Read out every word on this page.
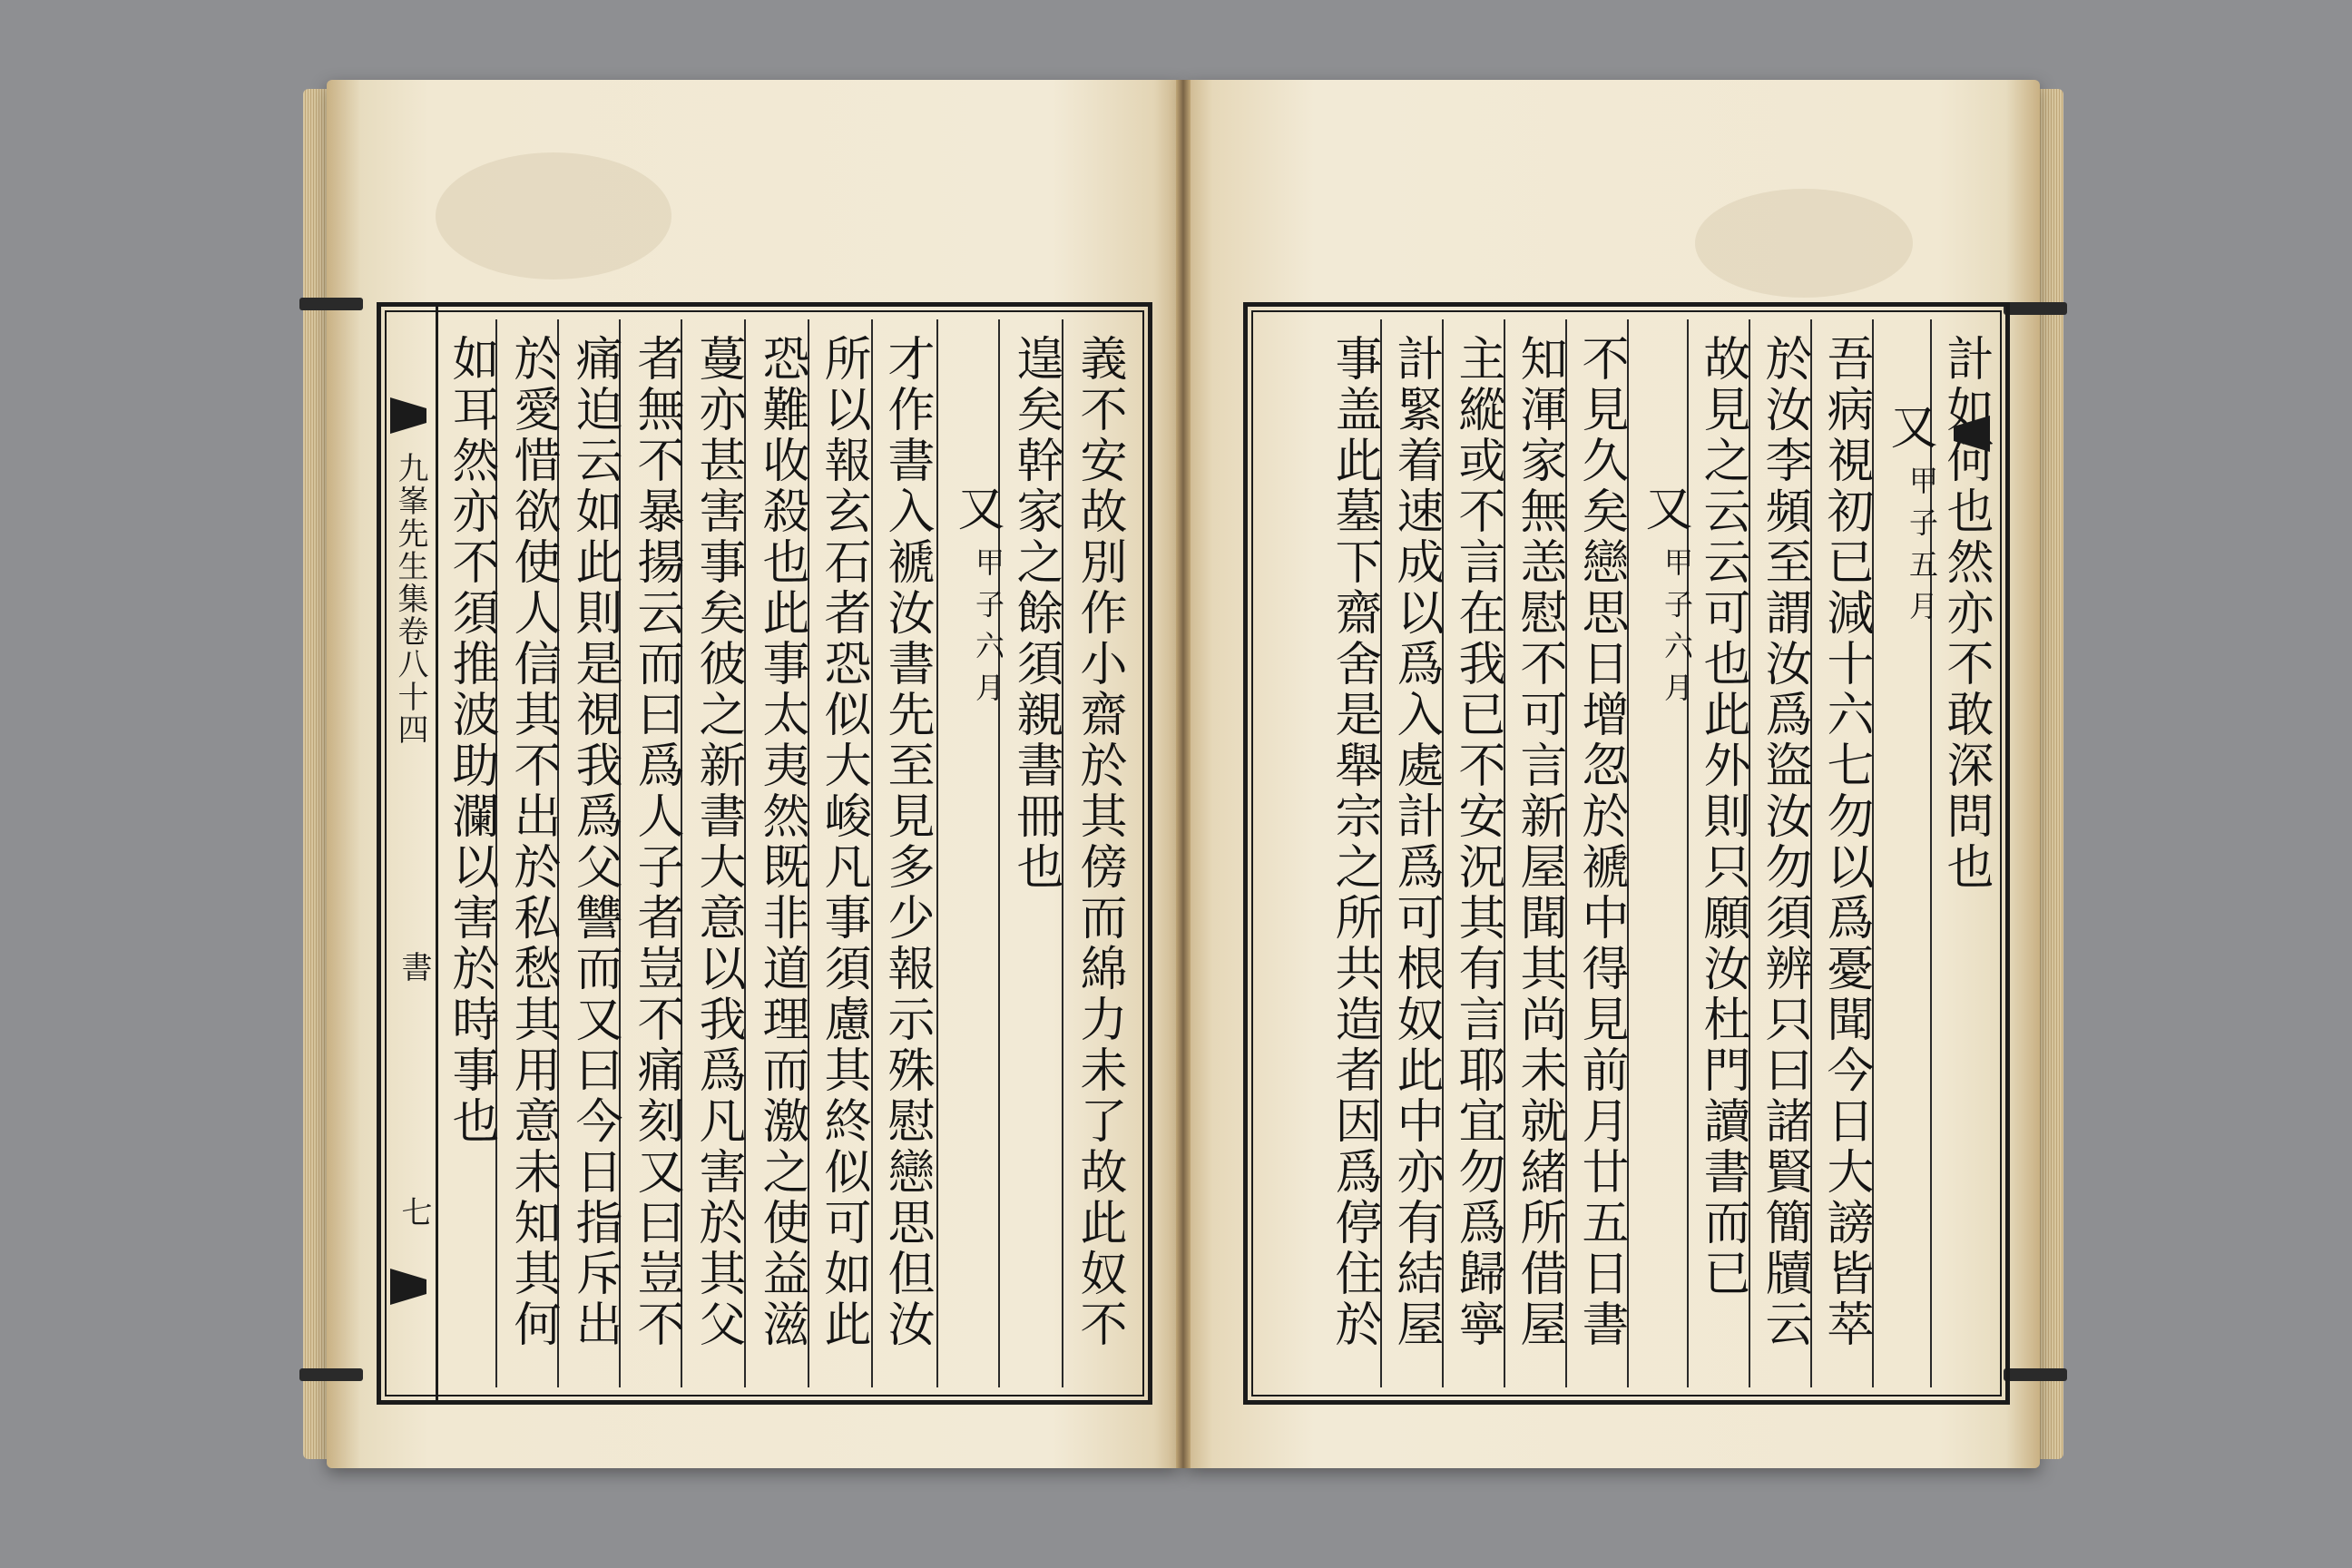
九峯先生集卷八十四
書
七	義不安故別作小齋於其傍而綿力未了故此奴不
遑矣幹家之餘須親書冊也
又
甲子六月
才作書入褫汝書先至見多少報示殊慰戀思但汝
所以報玄石者恐似大峻凡事須慮其終似可如此
恐難收殺也此事太夷然既非道理而激之使益滋
蔓亦甚害事矣彼之新書大意以我爲凡害於其父
者無不暴揚云而曰爲人子者豈不痛刻又曰豈不
痛迫云如此則是視我爲父讐而又曰今日指斥出
於愛惜欲使人信其不出於私愁其用意未知其何
如耳然亦不須推波助瀾以害於時事也	計如何也然亦不敢深問也
又
甲子五月
吾病視初已減十六七勿以爲憂聞今日大謗皆萃
於汝李頻至謂汝爲盜汝勿須辨只曰諸賢簡牘云
故見之云云可也此外則只願汝杜門讀書而已
又
甲子六月
不見久矣戀思日增忽於褫中得見前月廿五日書
知渾家無恙慰不可言新屋聞其尚未就緒所借屋
主縱或不言在我已不安況其有言耶宜勿爲歸寧
計緊着速成以爲入處計爲可根奴此中亦有結屋
事盖此墓下齋舍是舉宗之所共造者因爲停住於
